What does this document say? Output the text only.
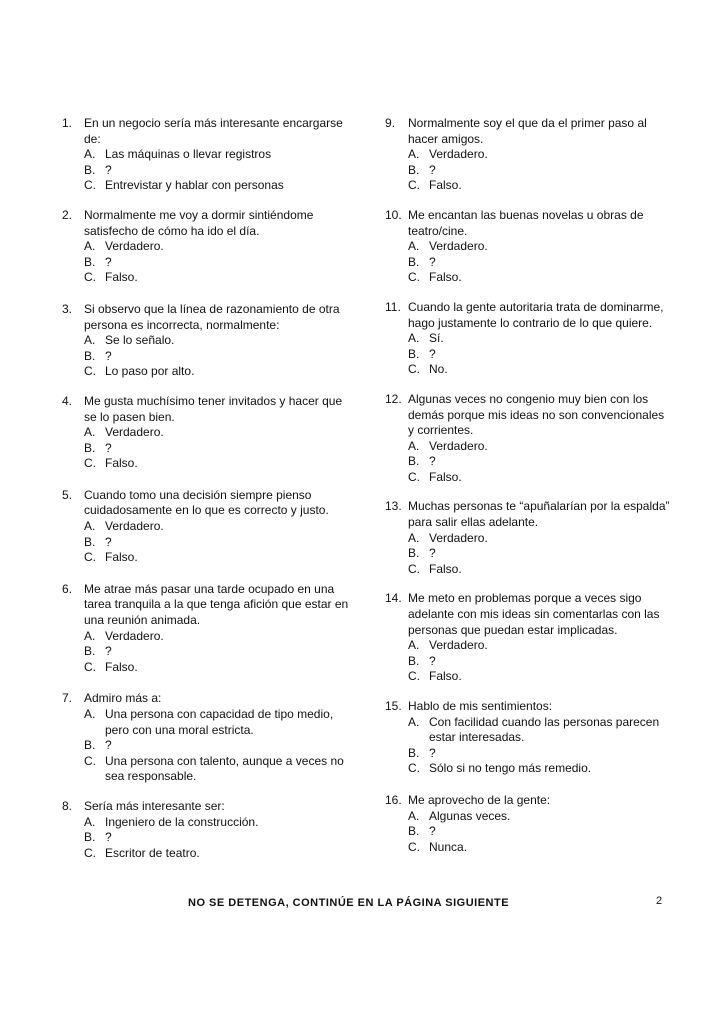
1. En un negocio sería más interesante encargarse de:
A. Las máquinas o llevar registros
B. ?
C. Entrevistar y hablar con personas
2. Normalmente me voy a dormir sintiéndome satisfecho de cómo ha ido el día.
A. Verdadero.
B. ?
C. Falso.
3. Si observo que la línea de razonamiento de otra persona es incorrecta, normalmente:
A. Se lo señalo.
B. ?
C. Lo paso por alto.
4. Me gusta muchísimo tener invitados y hacer que se lo pasen bien.
A. Verdadero.
B. ?
C. Falso.
5. Cuando tomo una decisión siempre pienso cuidadosamente en lo que es correcto y justo.
A. Verdadero.
B. ?
C. Falso.
6. Me atrae más pasar una tarde ocupado en una tarea tranquila a la que tenga afición que estar en una reunión animada.
A. Verdadero.
B. ?
C. Falso.
7. Admiro más a:
A. Una persona con capacidad de tipo medio, pero con una moral estricta.
B. ?
C. Una persona con talento, aunque a veces no sea responsable.
8. Sería más interesante ser:
A. Ingeniero de la construcción.
B. ?
C. Escritor de teatro.
9.	Normalmente soy el que da el primer paso al hacer amigos.
A. Verdadero.
B. ?
C. Falso.
10. Me encantan las buenas novelas u obras de teatro/cine.
A. Verdadero.
B. ?
C. Falso.
11. Cuando la gente autoritaria trata de dominarme, hago justamente lo contrario de lo que quiere.
A. Sí.
B. ?
C. No.
12. Algunas veces no congenio muy bien con los demás porque mis ideas no son convencionales y corrientes.
A. Verdadero.
B. ?
C. Falso.
13. Muchas personas te “apuñalarían por la espalda” para salir ellas adelante.
A. Verdadero.
B. ?
C. Falso.
14. Me meto en problemas porque a veces sigo adelante con mis ideas sin comentarlas con las personas que puedan estar implicadas.
A. Verdadero.
B. ?
C. Falso.
15. Hablo de mis sentimientos:
A. Con facilidad cuando las personas parecen estar interesadas.
B. ?
C. Sólo si no tengo más remedio.
16. Me aprovecho de la gente:
A. Algunas veces.
B. ?
C. Nunca.
NO SE DETENGA, CONTINÚE EN LA PÁGINA SIGUIENTE	2
